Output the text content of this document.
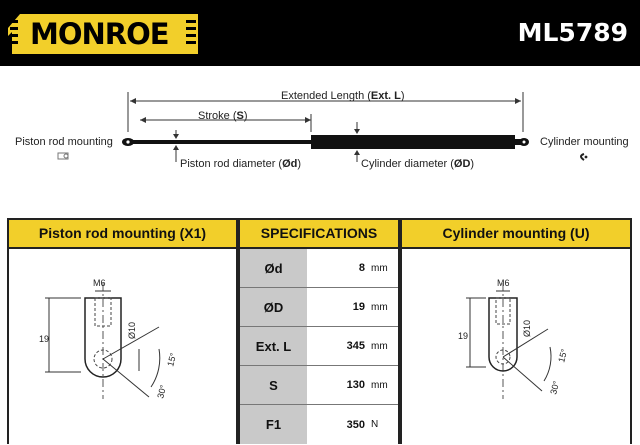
MONROE	ML5789
Extended Length (Ext. L)
Stroke (S)
Piston rod mounting	Cylinder mounting
Piston rod diameter (Ød)	Cylinder diameter (ØD)
Piston rod mounting (X1)	SPECIFICATIONS	Cylinder mounting (U)
M6
19	Ø10
30°
15°
Ød	8 mm
ØD	19 mm
Ext. L	345 mm
S	130 mm
F1	350 N
M6
19	Ø10
30°
15°
